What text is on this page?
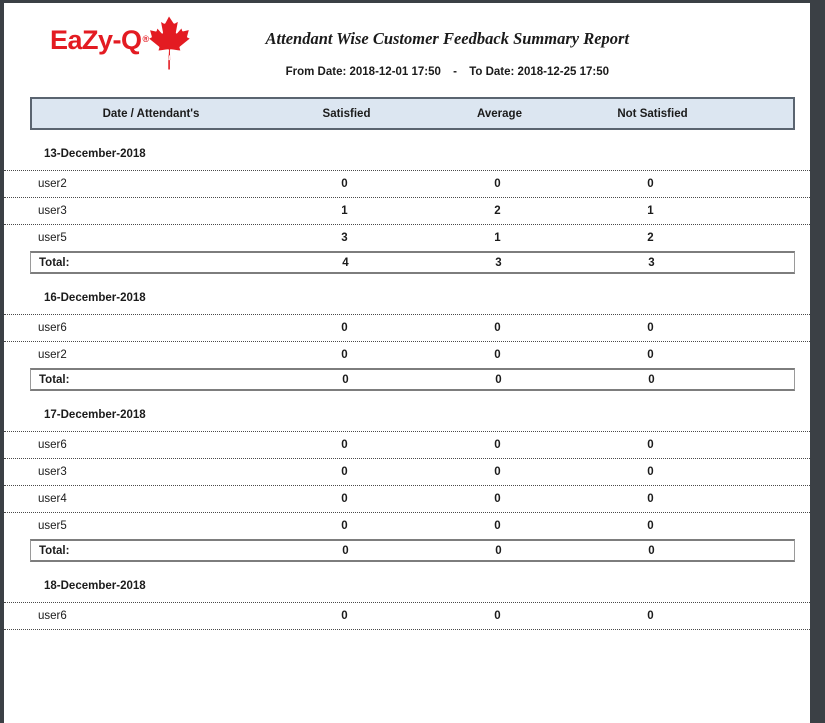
EaZy-Q®	Attendant Wise Customer Feedback Summary Report
From Date: 2018-12-01 17:50 - To Date: 2018-12-25 17:50
Date / Attendant's	Satisfied	Average	Not Satisfied
13-December-2018
user2	0	0	0
user3	1	2	1
user5	3	1	2
Total:	4	3	3
16-December-2018
user6	0	0	0
user2	0	0	0
Total:	0	0	0
17-December-2018
user6	0	0	0
user3	0	0	0
user4	0	0	0
user5	0	0	0
Total:	0	0	0
18-December-2018
user6	0	0	0
